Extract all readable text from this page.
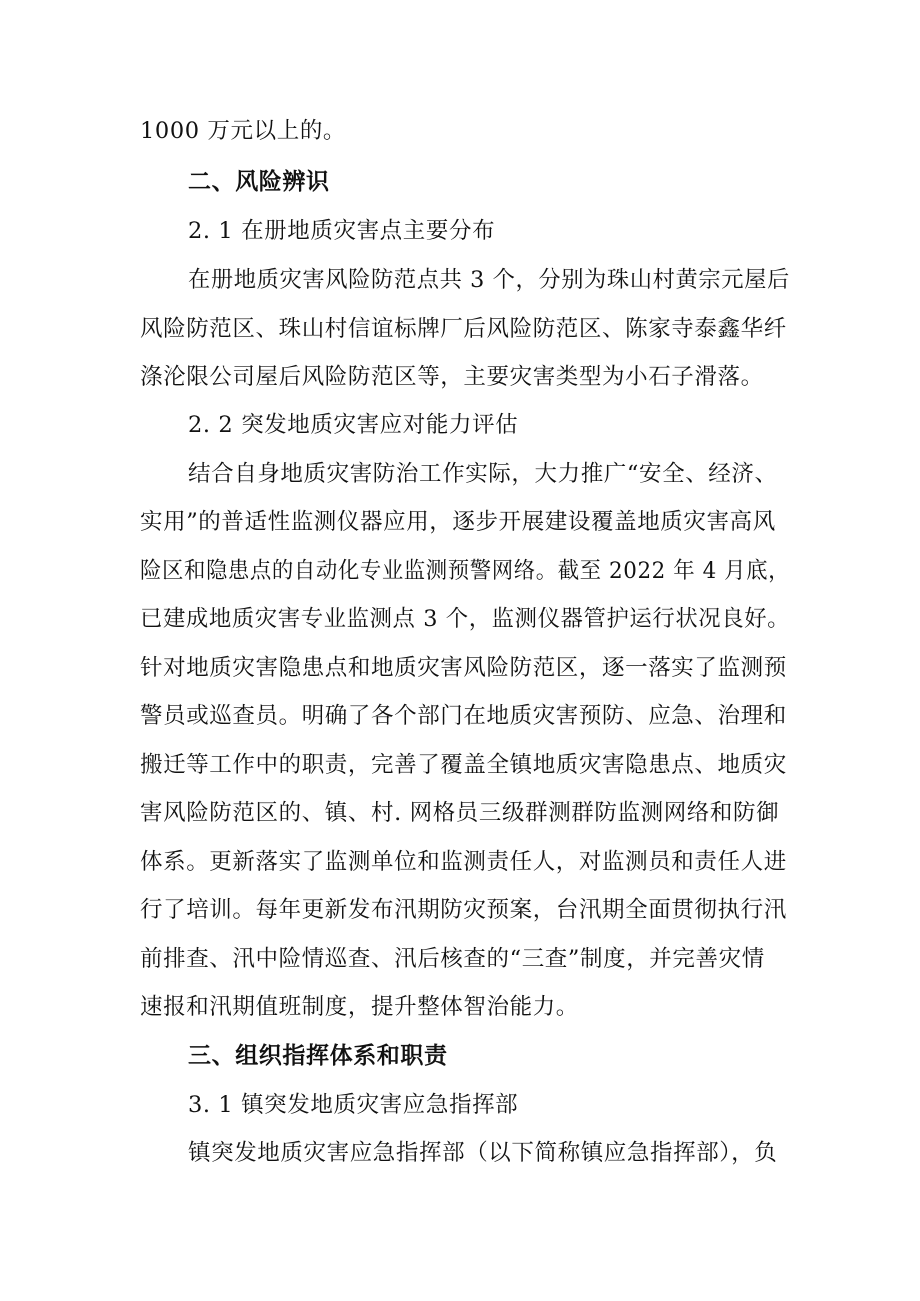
1000 万元以上的。
二、风险辨识
2. 1 在册地质灾害点主要分布
在册地质灾害风险防范点共 3 个，分别为珠山村黄宗元屋后
风险防范区、珠山村信谊标牌厂后风险防范区、陈家寺泰鑫华纤
涤沦限公司屋后风险防范区等，主要灾害类型为小石子滑落。
2. 2 突发地质灾害应对能力评估
结合自身地质灾害防治工作实际，大力推广“安全、经济、
实用”的普适性监测仪器应用，逐步开展建设覆盖地质灾害高风
险区和隐患点的自动化专业监测预警网络。截至 2022 年 4 月底，
已建成地质灾害专业监测点 3 个，监测仪器管护运行状况良好。
针对地质灾害隐患点和地质灾害风险防范区，逐一落实了监测预
警员或巡查员。明确了各个部门在地质灾害预防、应急、治理和
搬迁等工作中的职责，完善了覆盖全镇地质灾害隐患点、地质灾
害风险防范区的、镇、村. 网格员三级群测群防监测网络和防御
体系。更新落实了监测单位和监测责任人，对监测员和责任人进
行了培训。每年更新发布汛期防灾预案，台汛期全面贯彻执行汛
前排查、汛中险情巡查、汛后核查的“三查”制度，并完善灾情
速报和汛期值班制度，提升整体智治能力。
三、组织指挥体系和职责
3. 1 镇突发地质灾害应急指挥部
镇突发地质灾害应急指挥部（以下简称镇应急指挥部），负
